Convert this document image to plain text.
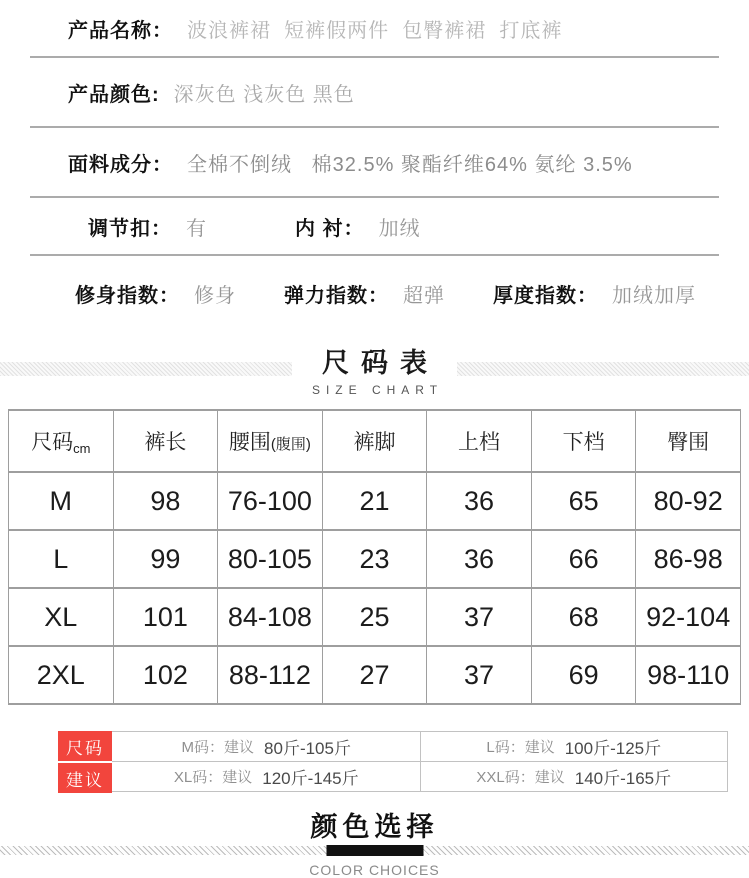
产品名称： 波浪裤裙  短裤假两件  包臀裤裙  打底裤
产品颜色: 深灰色 浅灰色 黑色
面料成分： 全棉不倒绒   棉32.5% 聚酯纤维64% 氨纶 3.5%
调节扣： 有	内 衬： 加绒
修身指数： 修身 弹力指数： 超弹 厚度指数： 加绒加厚
尺码表
SIZE CHART
尺码cm	裤长	腰围(腹围)	裤脚	上档	下档	臀围
M	98	76-100	21	36	65	80-92
L	99	80-105	23	36	66	86-98
XL	101	84-108	25	37	68	92-104
2XL	102	88-112	27	37	69	98-110
尺码
建议
M码：建议 80斤-105斤	L码：建议 100斤-125斤
XL码：建议 120斤-145斤	XXL码：建议 140斤-165斤
颜色选择
COLOR CHOICES
